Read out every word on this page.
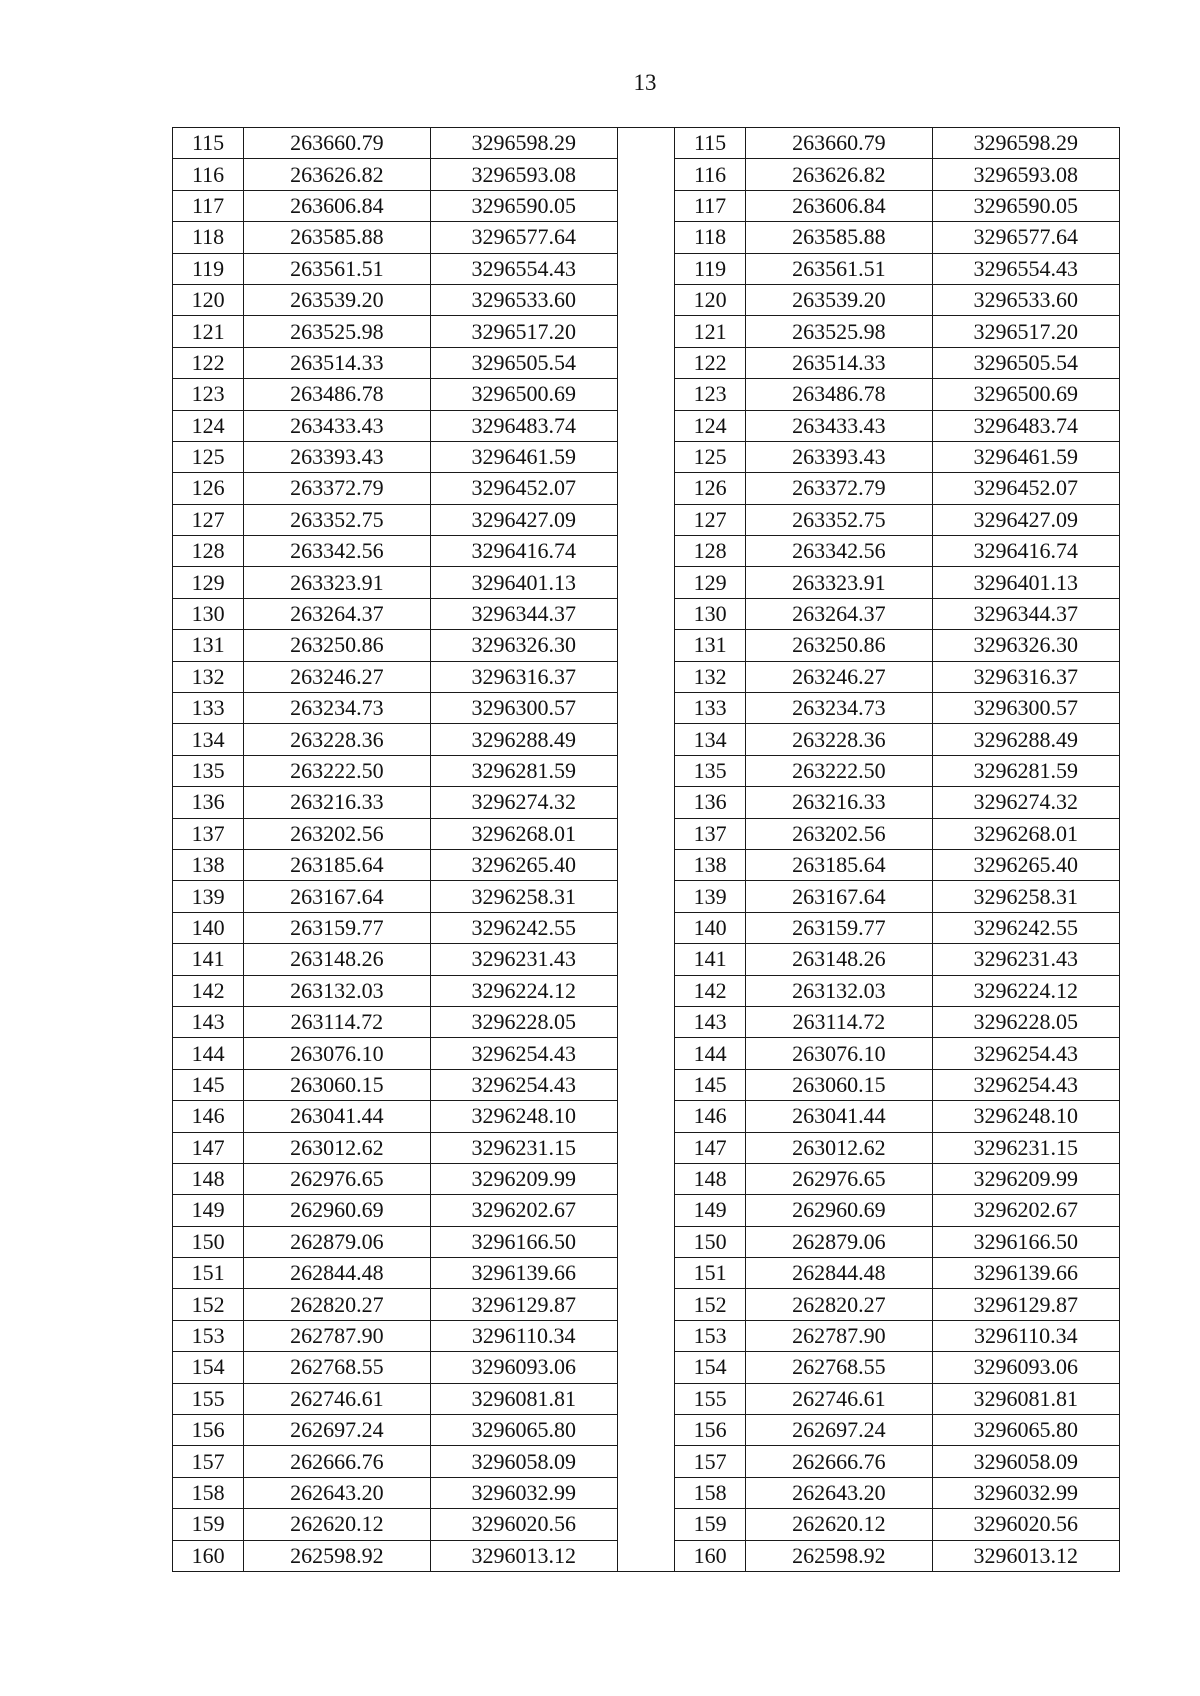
13
115	263660.79	3296598.29		115	263660.79	3296598.29
116	263626.82	3296593.08		116	263626.82	3296593.08
117	263606.84	3296590.05		117	263606.84	3296590.05
118	263585.88	3296577.64		118	263585.88	3296577.64
119	263561.51	3296554.43		119	263561.51	3296554.43
120	263539.20	3296533.60		120	263539.20	3296533.60
121	263525.98	3296517.20		121	263525.98	3296517.20
122	263514.33	3296505.54		122	263514.33	3296505.54
123	263486.78	3296500.69		123	263486.78	3296500.69
124	263433.43	3296483.74		124	263433.43	3296483.74
125	263393.43	3296461.59		125	263393.43	3296461.59
126	263372.79	3296452.07		126	263372.79	3296452.07
127	263352.75	3296427.09		127	263352.75	3296427.09
128	263342.56	3296416.74		128	263342.56	3296416.74
129	263323.91	3296401.13		129	263323.91	3296401.13
130	263264.37	3296344.37		130	263264.37	3296344.37
131	263250.86	3296326.30		131	263250.86	3296326.30
132	263246.27	3296316.37		132	263246.27	3296316.37
133	263234.73	3296300.57		133	263234.73	3296300.57
134	263228.36	3296288.49		134	263228.36	3296288.49
135	263222.50	3296281.59		135	263222.50	3296281.59
136	263216.33	3296274.32		136	263216.33	3296274.32
137	263202.56	3296268.01		137	263202.56	3296268.01
138	263185.64	3296265.40		138	263185.64	3296265.40
139	263167.64	3296258.31		139	263167.64	3296258.31
140	263159.77	3296242.55		140	263159.77	3296242.55
141	263148.26	3296231.43		141	263148.26	3296231.43
142	263132.03	3296224.12		142	263132.03	3296224.12
143	263114.72	3296228.05		143	263114.72	3296228.05
144	263076.10	3296254.43		144	263076.10	3296254.43
145	263060.15	3296254.43		145	263060.15	3296254.43
146	263041.44	3296248.10		146	263041.44	3296248.10
147	263012.62	3296231.15		147	263012.62	3296231.15
148	262976.65	3296209.99		148	262976.65	3296209.99
149	262960.69	3296202.67		149	262960.69	3296202.67
150	262879.06	3296166.50		150	262879.06	3296166.50
151	262844.48	3296139.66		151	262844.48	3296139.66
152	262820.27	3296129.87		152	262820.27	3296129.87
153	262787.90	3296110.34		153	262787.90	3296110.34
154	262768.55	3296093.06		154	262768.55	3296093.06
155	262746.61	3296081.81		155	262746.61	3296081.81
156	262697.24	3296065.80		156	262697.24	3296065.80
157	262666.76	3296058.09		157	262666.76	3296058.09
158	262643.20	3296032.99		158	262643.20	3296032.99
159	262620.12	3296020.56		159	262620.12	3296020.56
160	262598.92	3296013.12		160	262598.92	3296013.12
